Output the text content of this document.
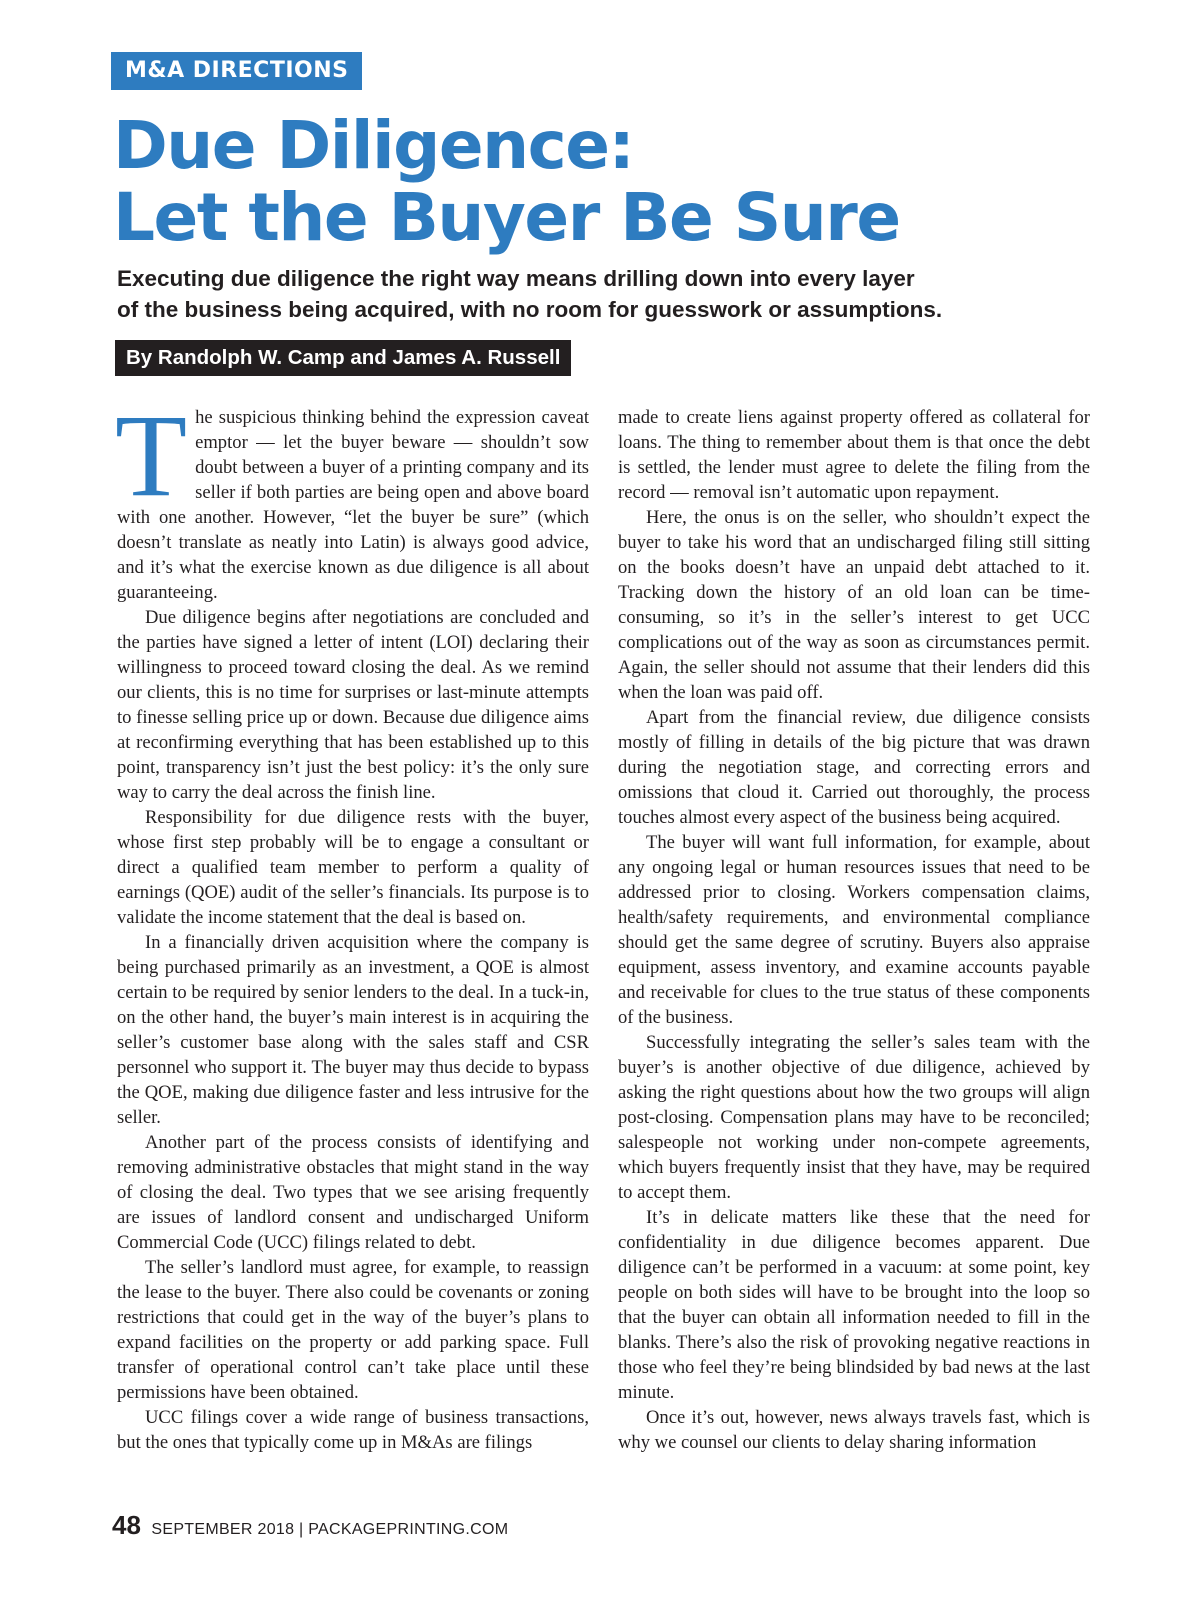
M&A DIRECTIONS
Due Diligence:
Let the Buyer Be Sure
Executing due diligence the right way means drilling down into every layer
of the business being acquired, with no room for guesswork or assumptions.
By Randolph W. Camp and James A. Russell

The suspicious thinking behind the expression caveat emptor — let the buyer beware — shouldn’t sow doubt between a buyer of a printing company and its seller if both parties are being open and above board with one another. However, “let the buyer be sure” (which doesn’t translate as neatly into Latin) is always good advice, and it’s what the exercise known as due diligence is all about guaranteeing.

Due diligence begins after negotiations are concluded and the parties have signed a letter of intent (LOI) declaring their willingness to proceed toward closing the deal. As we remind our clients, this is no time for surprises or last-minute attempts to finesse selling price up or down. Because due diligence aims at reconfirming everything that has been established up to this point, transparency isn’t just the best policy: it’s the only sure way to carry the deal across the finish line.

Responsibility for due diligence rests with the buyer, whose first step probably will be to engage a consultant or direct a qualified team member to perform a quality of earnings (QOE) audit of the seller’s financials. Its purpose is to validate the income statement that the deal is based on.

In a financially driven acquisition where the company is being purchased primarily as an investment, a QOE is almost certain to be required by senior lenders to the deal. In a tuck-in, on the other hand, the buyer’s main interest is in acquiring the seller’s customer base along with the sales staff and CSR personnel who support it. The buyer may thus decide to bypass the QOE, making due diligence faster and less intrusive for the seller.

Another part of the process consists of identifying and removing administrative obstacles that might stand in the way of closing the deal. Two types that we see arising frequently are issues of landlord consent and undischarged Uniform Commercial Code (UCC) filings related to debt.

The seller’s landlord must agree, for example, to reassign the lease to the buyer. There also could be covenants or zoning restrictions that could get in the way of the buyer’s plans to expand facilities on the property or add parking space. Full transfer of operational control can’t take place until these permissions have been obtained.

UCC filings cover a wide range of business transactions, but the ones that typically come up in M&As are filings

made to create liens against property offered as collateral for loans. The thing to remember about them is that once the debt is settled, the lender must agree to delete the filing from the record — removal isn’t automatic upon repayment.

Here, the onus is on the seller, who shouldn’t expect the buyer to take his word that an undischarged filing still sitting on the books doesn’t have an unpaid debt attached to it. Tracking down the history of an old loan can be time-consuming, so it’s in the seller’s interest to get UCC complications out of the way as soon as circumstances permit. Again, the seller should not assume that their lenders did this when the loan was paid off.

Apart from the financial review, due diligence consists mostly of filling in details of the big picture that was drawn during the negotiation stage, and correcting errors and omissions that cloud it. Carried out thoroughly, the process touches almost every aspect of the business being acquired.

The buyer will want full information, for example, about any ongoing legal or human resources issues that need to be addressed prior to closing. Workers compensation claims, health/safety requirements, and environmental compliance should get the same degree of scrutiny. Buyers also appraise equipment, assess inventory, and examine accounts payable and receivable for clues to the true status of these components of the business.

Successfully integrating the seller’s sales team with the buyer’s is another objective of due diligence, achieved by asking the right questions about how the two groups will align post-closing. Compensation plans may have to be reconciled; salespeople not working under non-compete agreements, which buyers frequently insist that they have, may be required to accept them.

It’s in delicate matters like these that the need for confidentiality in due diligence becomes apparent. Due diligence can’t be performed in a vacuum: at some point, key people on both sides will have to be brought into the loop so that the buyer can obtain all information needed to fill in the blanks. There’s also the risk of provoking negative reactions in those who feel they’re being blindsided by bad news at the last minute.

Once it’s out, however, news always travels fast, which is why we counsel our clients to delay sharing information

48 SEPTEMBER 2018 | PACKAGEPRINTING.COM
